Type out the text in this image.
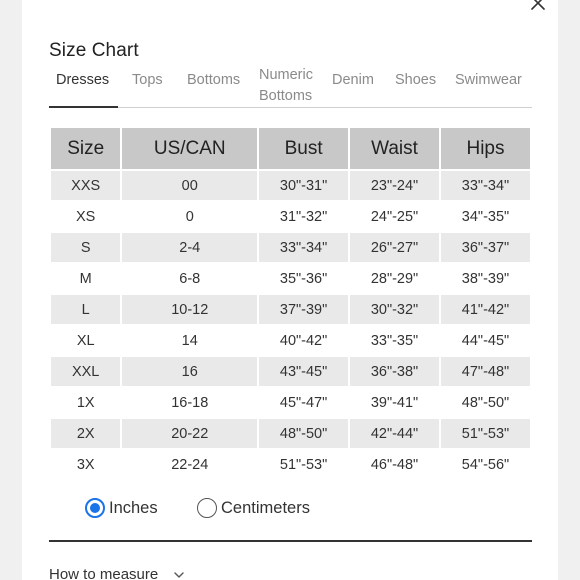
Size Chart
Dresses Tops Bottoms Numeric
Bottoms
Denim Shoes Swimwear
Size	US/CAN	Bust	Waist	Hips
XXS	00	30"-31"	23"-24"	33"-34"
XS	0	31"-32"	24"-25"	34"-35"
S	2-4	33"-34"	26"-27"	36"-37"
M	6-8	35"-36"	28"-29"	38"-39"
L	10-12	37"-39"	30"-32"	41"-42"
XL	14	40"-42"	33"-35"	44"-45"
XXL	16	43"-45"	36"-38"	47"-48"
1X	16-18	45"-47"	39"-41"	48"-50"
2X	20-22	48"-50"	42"-44"	51"-53"
3X	22-24	51"-53"	46"-48"	54"-56"
Inches	Centimeters
How to measure
